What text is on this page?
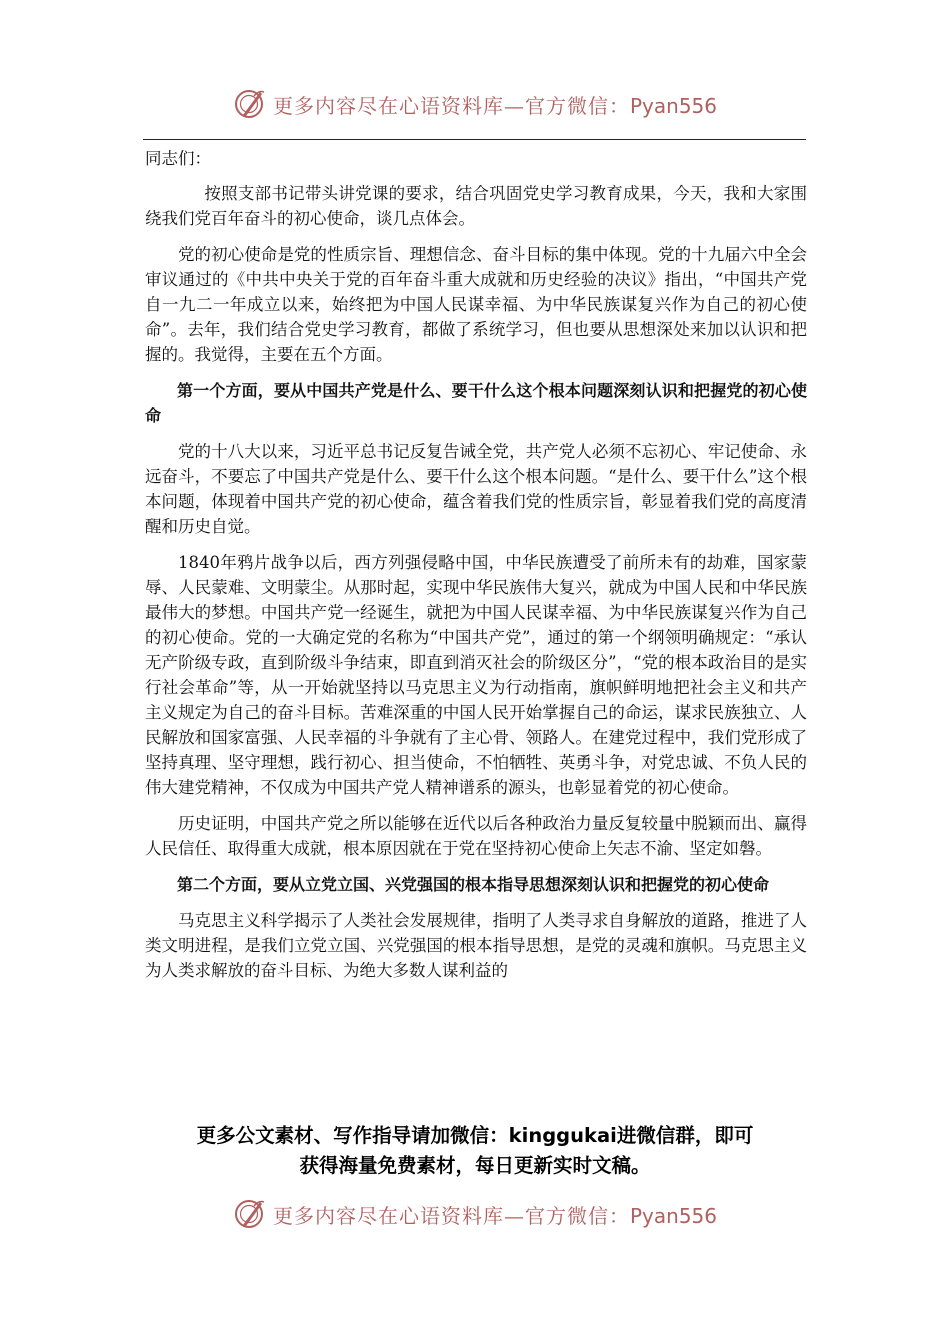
更多内容尽在心语资料库—官方微信：Pyan556

同志们：

按照支部书记带头讲党课的要求，结合巩固党史学习教育成果，今天，我和大家围绕我们党百年奋斗的初心使命，谈几点体会。

党的初心使命是党的性质宗旨、理想信念、奋斗目标的集中体现。党的十九届六中全会审议通过的《中共中央关于党的百年奋斗重大成就和历史经验的决议》指出，“中国共产党自一九二一年成立以来，始终把为中国人民谋幸福、为中华民族谋复兴作为自己的初心使命”。去年，我们结合党史学习教育，都做了系统学习，但也要从思想深处来加以认识和把握的。我觉得，主要在五个方面。

第一个方面，要从中国共产党是什么、要干什么这个根本问题深刻认识和把握党的初心使命

党的十八大以来，习近平总书记反复告诫全党，共产党人必须不忘初心、牢记使命、永远奋斗，不要忘了中国共产党是什么、要干什么这个根本问题。“是什么、要干什么”这个根本问题，体现着中国共产党的初心使命，蕴含着我们党的性质宗旨，彰显着我们党的高度清醒和历史自觉。

1840年鸦片战争以后，西方列强侵略中国，中华民族遭受了前所未有的劫难，国家蒙辱、人民蒙难、文明蒙尘。从那时起，实现中华民族伟大复兴，就成为中国人民和中华民族最伟大的梦想。中国共产党一经诞生，就把为中国人民谋幸福、为中华民族谋复兴作为自己的初心使命。党的一大确定党的名称为“中国共产党”，通过的第一个纲领明确规定：“承认无产阶级专政，直到阶级斗争结束，即直到消灭社会的阶级区分”，“党的根本政治目的是实行社会革命”等，从一开始就坚持以马克思主义为行动指南，旗帜鲜明地把社会主义和共产主义规定为自己的奋斗目标。苦难深重的中国人民开始掌握自己的命运，谋求民族独立、人民解放和国家富强、人民幸福的斗争就有了主心骨、领路人。在建党过程中，我们党形成了坚持真理、坚守理想，践行初心、担当使命，不怕牺牲、英勇斗争，对党忠诚、不负人民的伟大建党精神，不仅成为中国共产党人精神谱系的源头，也彰显着党的初心使命。

历史证明，中国共产党之所以能够在近代以后各种政治力量反复较量中脱颖而出、赢得人民信任、取得重大成就，根本原因就在于党在坚持初心使命上矢志不渝、坚定如磐。

第二个方面，要从立党立国、兴党强国的根本指导思想深刻认识和把握党的初心使命

马克思主义科学揭示了人类社会发展规律，指明了人类寻求自身解放的道路，推进了人类文明进程，是我们立党立国、兴党强国的根本指导思想，是党的灵魂和旗帜。马克思主义为人类求解放的奋斗目标、为绝大多数人谋利益的

更多公文素材、写作指导请加微信：kinggukai进微信群，即可
获得海量免费素材，每日更新实时文稿。
更多内容尽在心语资料库—官方微信：Pyan556
